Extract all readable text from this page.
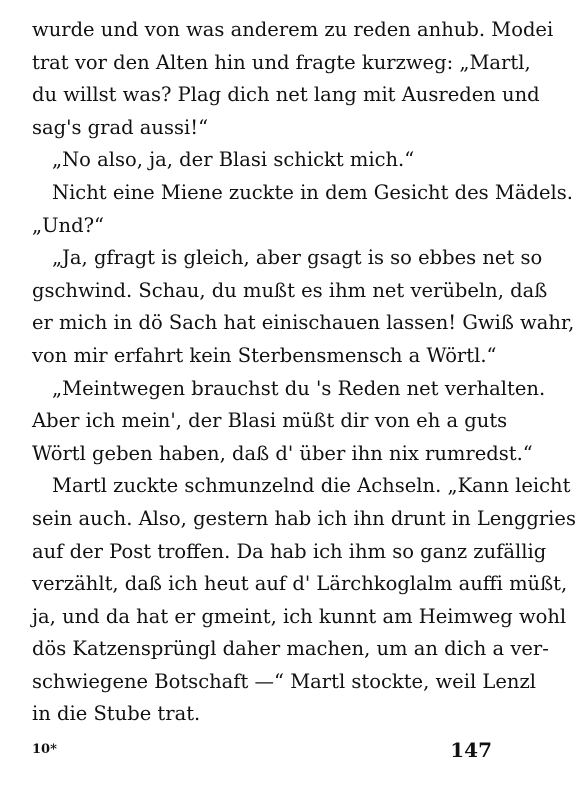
wurde und von was anderem zu reden anhub. Modei
trat vor den Alten hin und fragte kurzweg: „Martl,
du willst was? Plag dich net lang mit Ausreden und
sag's grad aussi!“
„No also, ja, der Blasi schickt mich.“
Nicht eine Miene zuckte in dem Gesicht des Mädels.
„Und?“
„Ja, gfragt is gleich, aber gsagt is so ebbes net so
gschwind. Schau, du mußt es ihm net verübeln, daß
er mich in dö Sach hat einischauen lassen! Gwiß wahr,
von mir erfahrt kein Sterbensmensch a Wörtl.“
„Meintwegen brauchst du 's Reden net verhalten.
Aber ich mein', der Blasi müßt dir von eh a guts
Wörtl geben haben, daß d' über ihn nix rumredst.“
Martl zuckte schmunzelnd die Achseln. „Kann leicht
sein auch. Also, gestern hab ich ihn drunt in Lenggries
auf der Post troffen. Da hab ich ihm so ganz zufällig
verzählt, daß ich heut auf d' Lärchkoglalm auffi müßt,
ja, und da hat er gmeint, ich kunnt am Heimweg wohl
dös Katzensprüngl daher machen, um an dich a ver-
schwiegene Botschaft —“ Martl stockte, weil Lenzl
in die Stube trat.
10*	147
